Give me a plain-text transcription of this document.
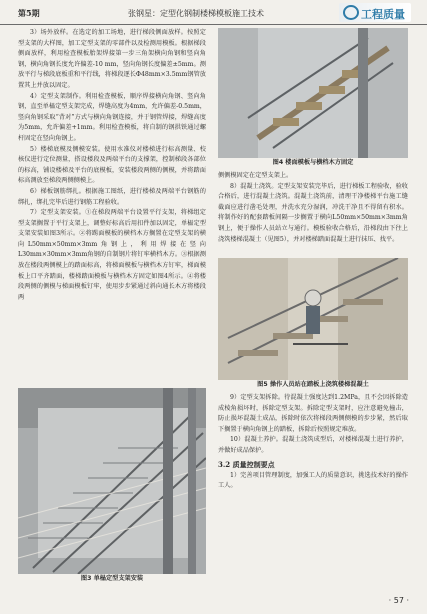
第5期	张钢星：定型化钢制楼梯模板施工技术	工程质量

3）场外放样。在选定的加工场地，进行梯段侧面放样。按照定型支架的大样图，加工定型支架的零部件以及检测用模板。根据梯段侧面放样，利用检查模板胎架焊接第一步三角架横向角钢和竖向角钢，横向角钢长度允许偏差-10 mm，竖向角钢长度偏差±5mm。测放平行与梯段底板重和平行线，将梯段逐长Φ48mm×3.5mm钢管放置其上并放以固定。

4）定型支架制作。利用检查模板，顺序焊接横向角钢、竖向角钢，直至单榀定型支架完成，焊缝高度为4mm，允许偏差-0.5mm，竖向角钢采取“背对”方式与横向角钢连接，并于钢管焊接，焊缝高度为5mm，允许偏差+1mm。利用检查模板，将自制的钢拱铁通过螺杆固定在竖向角钢上。

5）楼梯底模及侧模安装。使用水准仪对楼梯进行标高测量、校核仪进行定位测量，搭设楼段及两端平台的支撑架，控制梯段各部位的标高，铺设楼梯及平台的底模板，安装楼段两侧的侧模，并将踏面标高测放至梯段两侧侧模上。

6）梯板钢筋绑扎。根据施工图纸，进行楼梯及两端平台钢筋的绑扎，绑扎完毕后进行钢筋工程验收。

7）定型支架安装。①在梯段两端平台设置平行支架，将梯组定型支架搁置于平行支架上，调整好标高后用扣件加以固定，单榀定型支架安装如图3所示。②将踢面模板的横档木方搁置在定型支架的横向L50mm×50mm×3mm角钢上，利用焊接在竖向L30mm×30mm×3mm角钢的自制钢片将钉牢横档木方。③根据测放在楼段两侧模上的踏面标高，将梯面模板与横档木方钉牢，梯面模板上口平齐踏面，楼梯踏面模板与横档木方固定如图4所示。④将楼段两侧的侧模与梯面模板钉牢，使用步步紧通过斜向通长木方将楼段两

图3 单榀定型支架安装
图4 楼面模板与横档木方固定

侧侧模固定在定型支架上。

8）混凝土浇筑。定型支架安装完毕后，进行梯板工程验收，验收合格后，进行混凝土浇筑。混凝土浇筑前，清理干净楼梯平台施工缝截面应进行凿毛处理，并洗水充分湿润，冲洗干净且不得留有积水。将制作好的配套踏板间隔一步搁置于横向L50mm×50mm×3mm角钢上，便于操作人员站立与通行。模板验收合格后，沿梯段由下往上浇筑楼梯混凝土（见图5），并对楼梯踏面混凝土进行抹压、找平。

图5 操作人员站在踏板上浇筑楼梯混凝土

9）定型支架拆除。待混凝土强度达到1.2MPa，且不会因拆除造成棱角损坏时，拆除定型支架。拆除定型支架时，应注意避免撞击，防止损坏混凝土成品，拆除时依次将梯段两侧侧模的步步紧，然后取下搁置于横向角钢上的踏板，拆除后按照规定堆放。

10）混凝土养护。混凝土浇筑成型后，对楼梯混凝土进行养护，并做好成品保护。

3.2 质量控制要点

1）完善项目管理制度，加强工人的质量意识，挑选技术好的操作工人。

· 57 ·
